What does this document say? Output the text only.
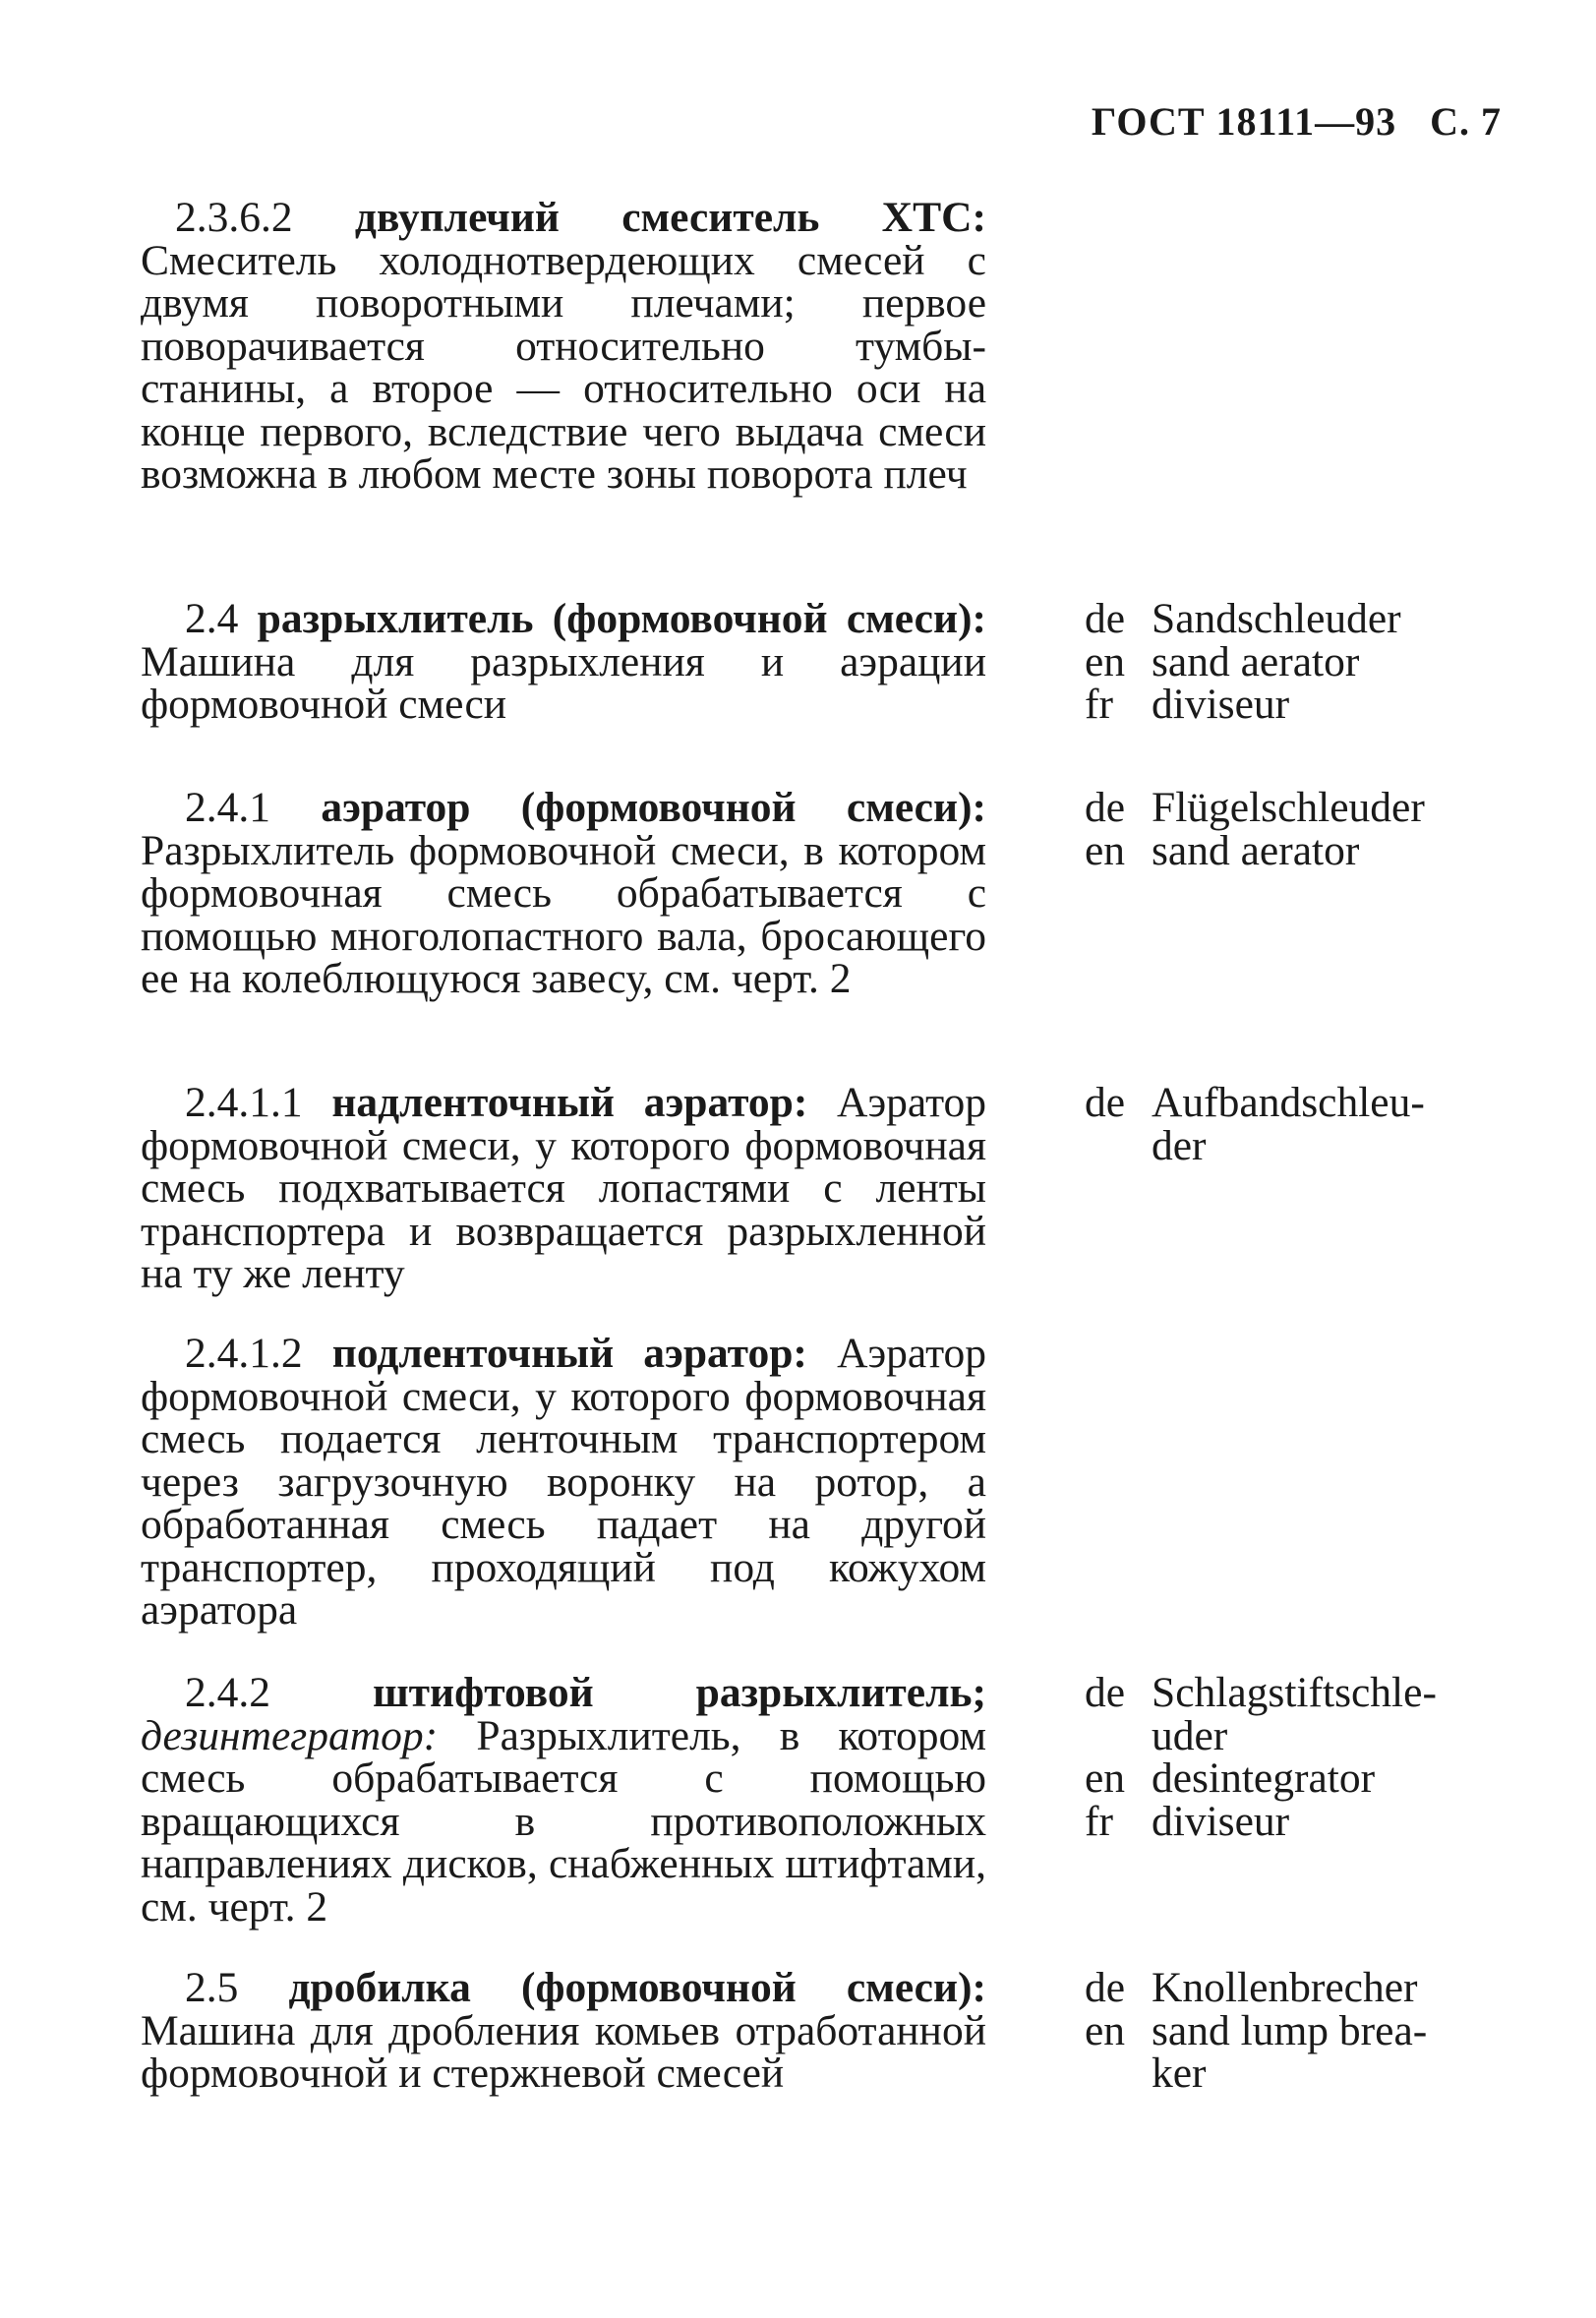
ГОСТ 18111—93 С. 7

2.3.6.2 двуплечий смеситель ХТС: Смеситель холоднотвердеющих смесей с двумя поворотными плечами; первое поворачивается относительно тумбы-станины, а второе — относительно оси на конце первого, вследствие чего выдача смеси возможна в любом месте зоны поворота плеч

2.4 разрыхлитель (формовочной смеси): Машина для разрыхления и аэрации формовочной смеси

de Sandschleuder
en sand aerator
fr diviseur

2.4.1 аэратор (формовочной смеси): Разрыхлитель формовочной смеси, в котором формовочная смесь обрабатывается с помощью многолопастного вала, бросающего ее на колеблющуюся завесу, см. черт. 2

de Flügelschleuder
en sand aerator

2.4.1.1 надленточный аэратор: Аэратор формовочной смеси, у которого формовочная смесь подхватывается лопастями с ленты транспортера и возвращается разрыхленной на ту же ленту

de Aufbandschleu-
der

2.4.1.2 подленточный аэратор: Аэратор формовочной смеси, у которого формовочная смесь подается ленточным транспортером через загрузочную воронку на ротор, а обработанная смесь падает на другой транспортер, проходящий под кожухом аэратора

2.4.2 штифтовой разрыхлитель; дезинтегратор: Разрыхлитель, в котором смесь обрабатывается с помощью вращающихся в противоположных направлениях дисков, снабженных штифтами, см. черт. 2

de Schlagstiftschle-
uder
en desintegrator
fr diviseur

2.5 дробилка (формовочной смеси): Машина для дробления комьев отработанной формовочной и стержневой смесей

de Knollenbrecher
en sand lump brea-
ker
